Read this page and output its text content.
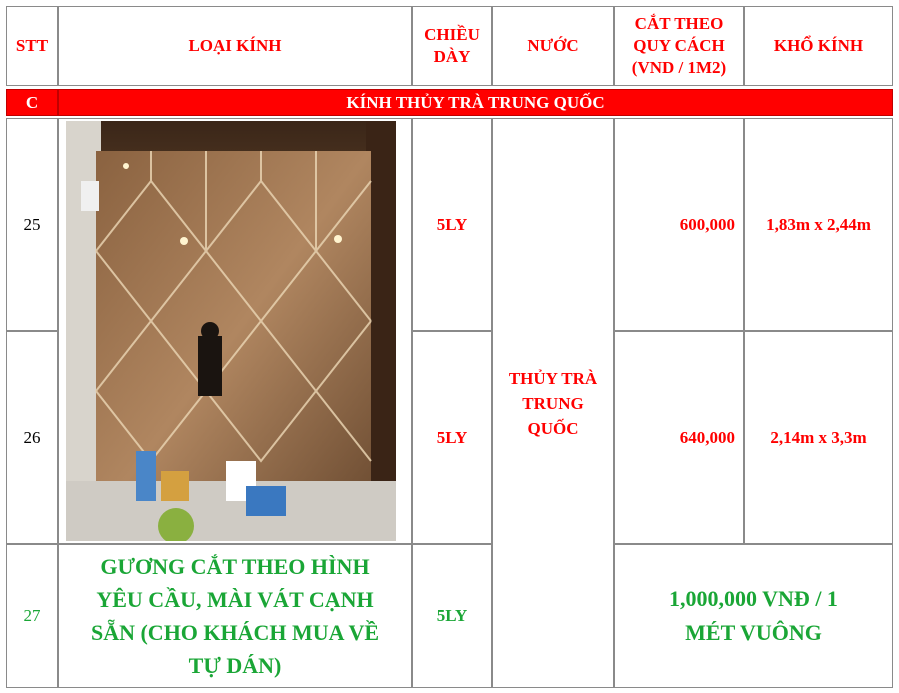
STT	LOẠI KÍNH
CHIỀU
DÀY
NƯỚC
CẮT THEO
QUY CÁCH
(VND / 1M2)
KHỔ KÍNH
C	KÍNH THỦY TRÀ TRUNG QUỐC
25
26
27
GƯƠNG CẮT THEO HÌNH
YÊU CẦU, MÀI VÁT CẠNH
SẴN (CHO KHÁCH MUA VỀ
TỰ DÁN)
5LY
5LY
5LY
THỦY TRÀ
TRUNG
QUỐC
600,000
640,000
1,83m x 2,44m
2,14m x 3,3m
1,000,000 VNĐ / 1
MÉT VUÔNG
